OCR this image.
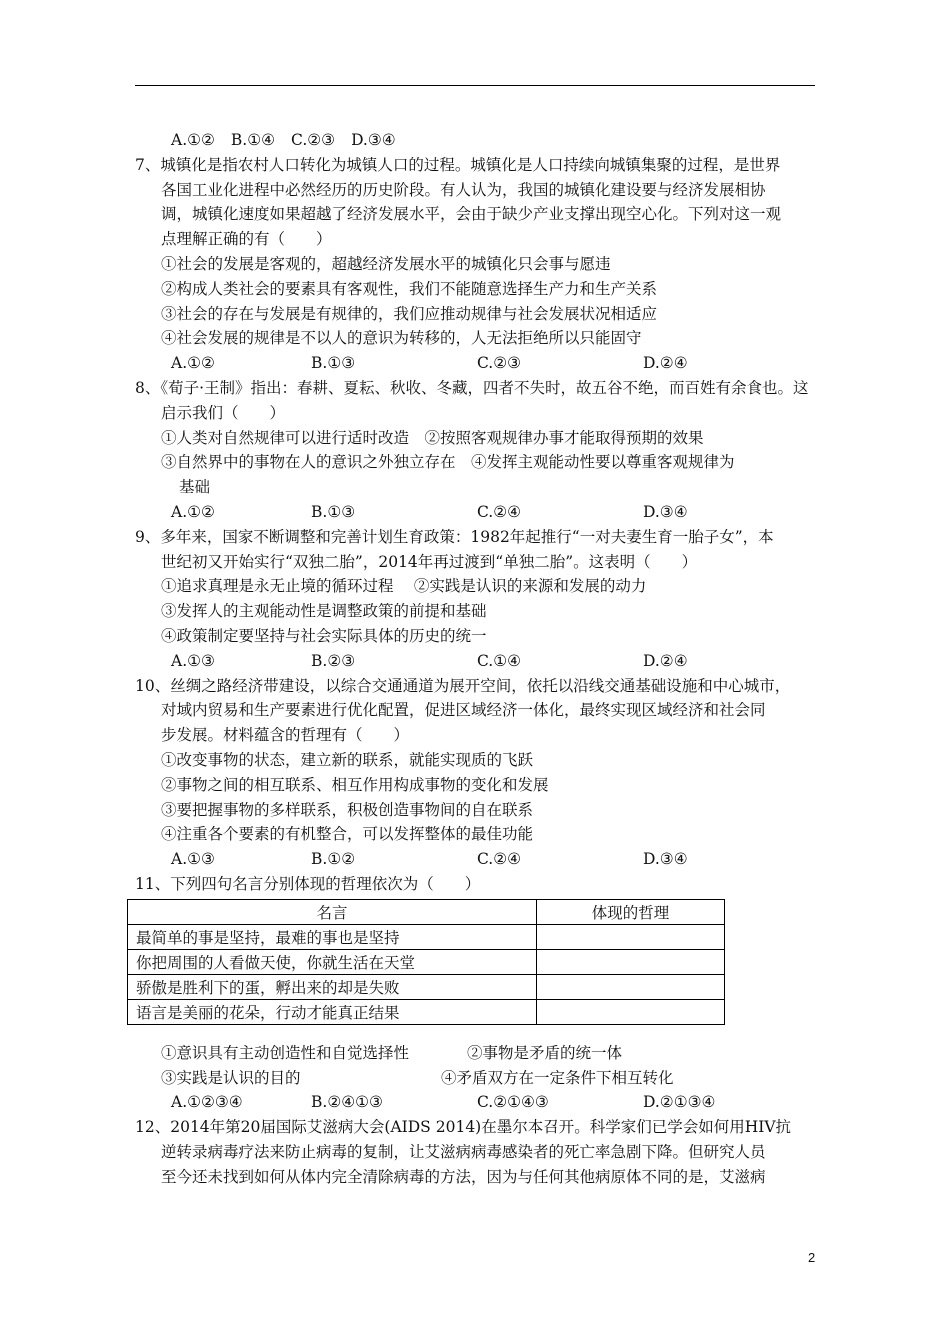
A.①② B.①④ C.②③ D.③④
7、城镇化是指农村人口转化为城镇人口的过程。城镇化是人口持续向城镇集聚的过程，是世界
各国工业化进程中必然经历的历史阶段。有人认为，我国的城镇化建设要与经济发展相协
调，城镇化速度如果超越了经济发展水平，会由于缺少产业支撑出现空心化。下列对这一观
点理解正确的有（　　）
①社会的发展是客观的，超越经济发展水平的城镇化只会事与愿违
②构成人类社会的要素具有客观性，我们不能随意选择生产力和生产关系
③社会的存在与发展是有规律的，我们应推动规律与社会发展状况相适应
④社会发展的规律是不以人的意识为转移的，人无法拒绝所以只能固守
A.①②	B.①③	C.②③	D.②④
8、《荀子·王制》指出：春耕、夏耘、秋收、冬藏，四者不失时，故五谷不绝，而百姓有余食也。这
启示我们（　　）
①人类对自然规律可以进行适时改造　②按照客观规律办事才能取得预期的效果
③自然界中的事物在人的意识之外独立存在　④发挥主观能动性要以尊重客观规律为
基础
A.①②	B.①③	C.②④	D.③④
9、多年来，国家不断调整和完善计划生育政策：1982年起推行“一对夫妻生育一胎子女”，本
世纪初又开始实行“双独二胎”，2014年再过渡到“单独二胎”。这表明（　　）
①追求真理是永无止境的循环过程　 ②实践是认识的来源和发展的动力
③发挥人的主观能动性是调整政策的前提和基础
④政策制定要坚持与社会实际具体的历史的统一
A.①③	B.②③	C.①④	D.②④
10、丝绸之路经济带建设，以综合交通通道为展开空间，依托以沿线交通基础设施和中心城市，
对域内贸易和生产要素进行优化配置，促进区域经济一体化，最终实现区域经济和社会同
步发展。材料蕴含的哲理有（　　）
①改变事物的状态，建立新的联系，就能实现质的飞跃
②事物之间的相互联系、相互作用构成事物的变化和发展
③要把握事物的多样联系，积极创造事物间的自在联系
④注重各个要素的有机整合，可以发挥整体的最佳功能
A.①③	B.①②	C.②④	D.③④
11、下列四句名言分别体现的哲理依次为（　　）
名言	体现的哲理
最简单的事是坚持，最难的事也是坚持	
你把周围的人看做天使，你就生活在天堂	
骄傲是胜利下的蛋，孵出来的却是失败	
语言是美丽的花朵，行动才能真正结果	
①意识具有主动创造性和自觉选择性	②事物是矛盾的统一体
③实践是认识的目的	④矛盾双方在一定条件下相互转化
A.①②③④	B.②④①③	C.②①④③	D.②①③④
12、2014年第20届国际艾滋病大会(AIDS 2014)在墨尔本召开。科学家们已学会如何用HIV抗
逆转录病毒疗法来防止病毒的复制，让艾滋病病毒感染者的死亡率急剧下降。但研究人员
至今还未找到如何从体内完全清除病毒的方法，因为与任何其他病原体不同的是，艾滋病
2
